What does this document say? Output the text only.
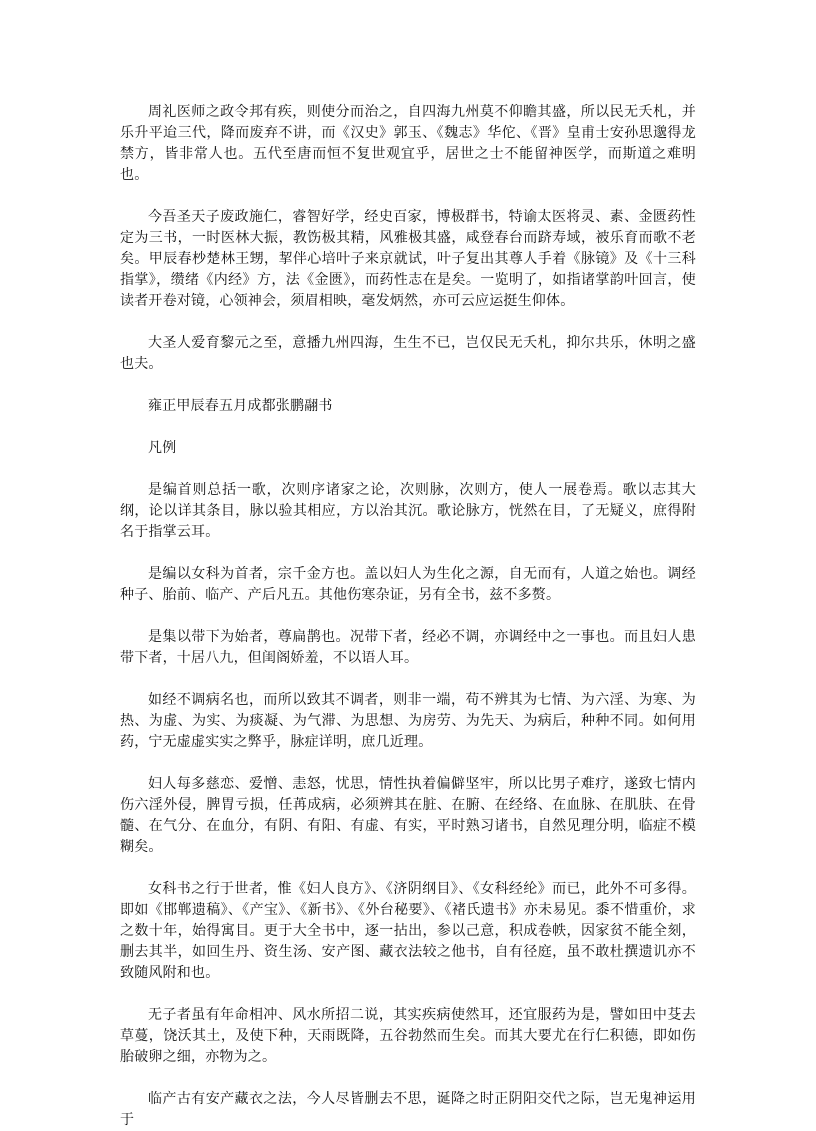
周礼医师之政令邦有疾，则使分而治之，自四海九州莫不仰瞻其盛，所以民无夭札，并乐升平迨三代，降而废弃不讲，而《汉史》郭玉、《魏志》华佗、《晋》皇甫士安孙思邈得龙禁方，皆非常人也。五代至唐而恒不复世观宜乎，居世之士不能留神医学，而斯道之难明也。

今吾圣天子废政施仁，睿智好学，经史百家，博极群书，特谕太医将灵、素、金匮药性定为三书，一时医林大振，教饬极其精，风雅极其盛，咸登春台而跻寿域，被乐育而歌不老矣。甲辰春杪楚林王甥，挈伴心培叶子来京就试，叶子复出其尊人手着《脉镜》及《十三科指掌》，缵绪《内经》方，法《金匮》，而药性志在是矣。一览明了，如指诸掌韵叶回言，使读者开卷对镜，心领神会，须眉相映，毫发炳然，亦可云应运挺生仰体。

大圣人爱育黎元之至，意播九州四海，生生不已，岂仅民无夭札，抑尔共乐，休明之盛也夫。

雍正甲辰春五月成都张鹏翮书

凡例

是编首则总括一歌，次则序诸家之论，次则脉，次则方，使人一展卷焉。歌以志其大纲，论以详其条目，脉以验其相应，方以治其沉。歌论脉方，恍然在目，了无疑义，庶得附名于指掌云耳。

是编以女科为首者，宗千金方也。盖以妇人为生化之源，自无而有，人道之始也。调经种子、胎前、临产、产后凡五。其他伤寒杂证，另有全书，兹不多赘。

是集以带下为始者，尊扁鹊也。况带下者，经必不调，亦调经中之一事也。而且妇人患带下者，十居八九，但闺阁娇羞，不以语人耳。

如经不调病名也，而所以致其不调者，则非一端，苟不辨其为七情、为六淫、为寒、为热、为虚、为实、为痰凝、为气滞、为思想、为房劳、为先天、为病后，种种不同。如何用药，宁无虚虚实实之弊乎，脉症详明，庶几近理。

妇人每多慈恋、爱憎、恚怒，忧思，情性执着偏僻坚牢，所以比男子难疗，遂致七情内伤六淫外侵，脾胃亏损，任苒成病，必须辨其在脏、在腑、在经络、在血脉、在肌肤、在骨髓、在气分、在血分，有阴、有阳、有虚、有实，平时熟习诸书，自然见理分明，临症不模糊矣。

女科书之行于世者，惟《妇人良方》、《济阴纲目》、《女科经纶》而已，此外不可多得。即如《邯郸遗稿》、《产宝》、《新书》、《外台秘要》、《褚氏遗书》亦未易见。黍不惜重价，求之数十年，始得寓目。更于大全书中，逐一拈出，参以己意，积成卷帙，因家贫不能全刻，删去其半，如回生丹、资生汤、安产图、藏衣法较之他书，自有径庭，虽不敢杜撰遗讥亦不致随风附和也。

无子者虽有年命相冲、风水所招二说，其实疾病使然耳，还宜服药为是，譬如田中芟去草蔓，饶沃其土，及使下种，天雨既降，五谷勃然而生矣。而其大要尤在行仁积德，即如伤胎破卵之细，亦物为之。

临产古有安产藏衣之法，今人尽皆删去不思，诞降之时正阴阳交代之际，岂无鬼神运用于
